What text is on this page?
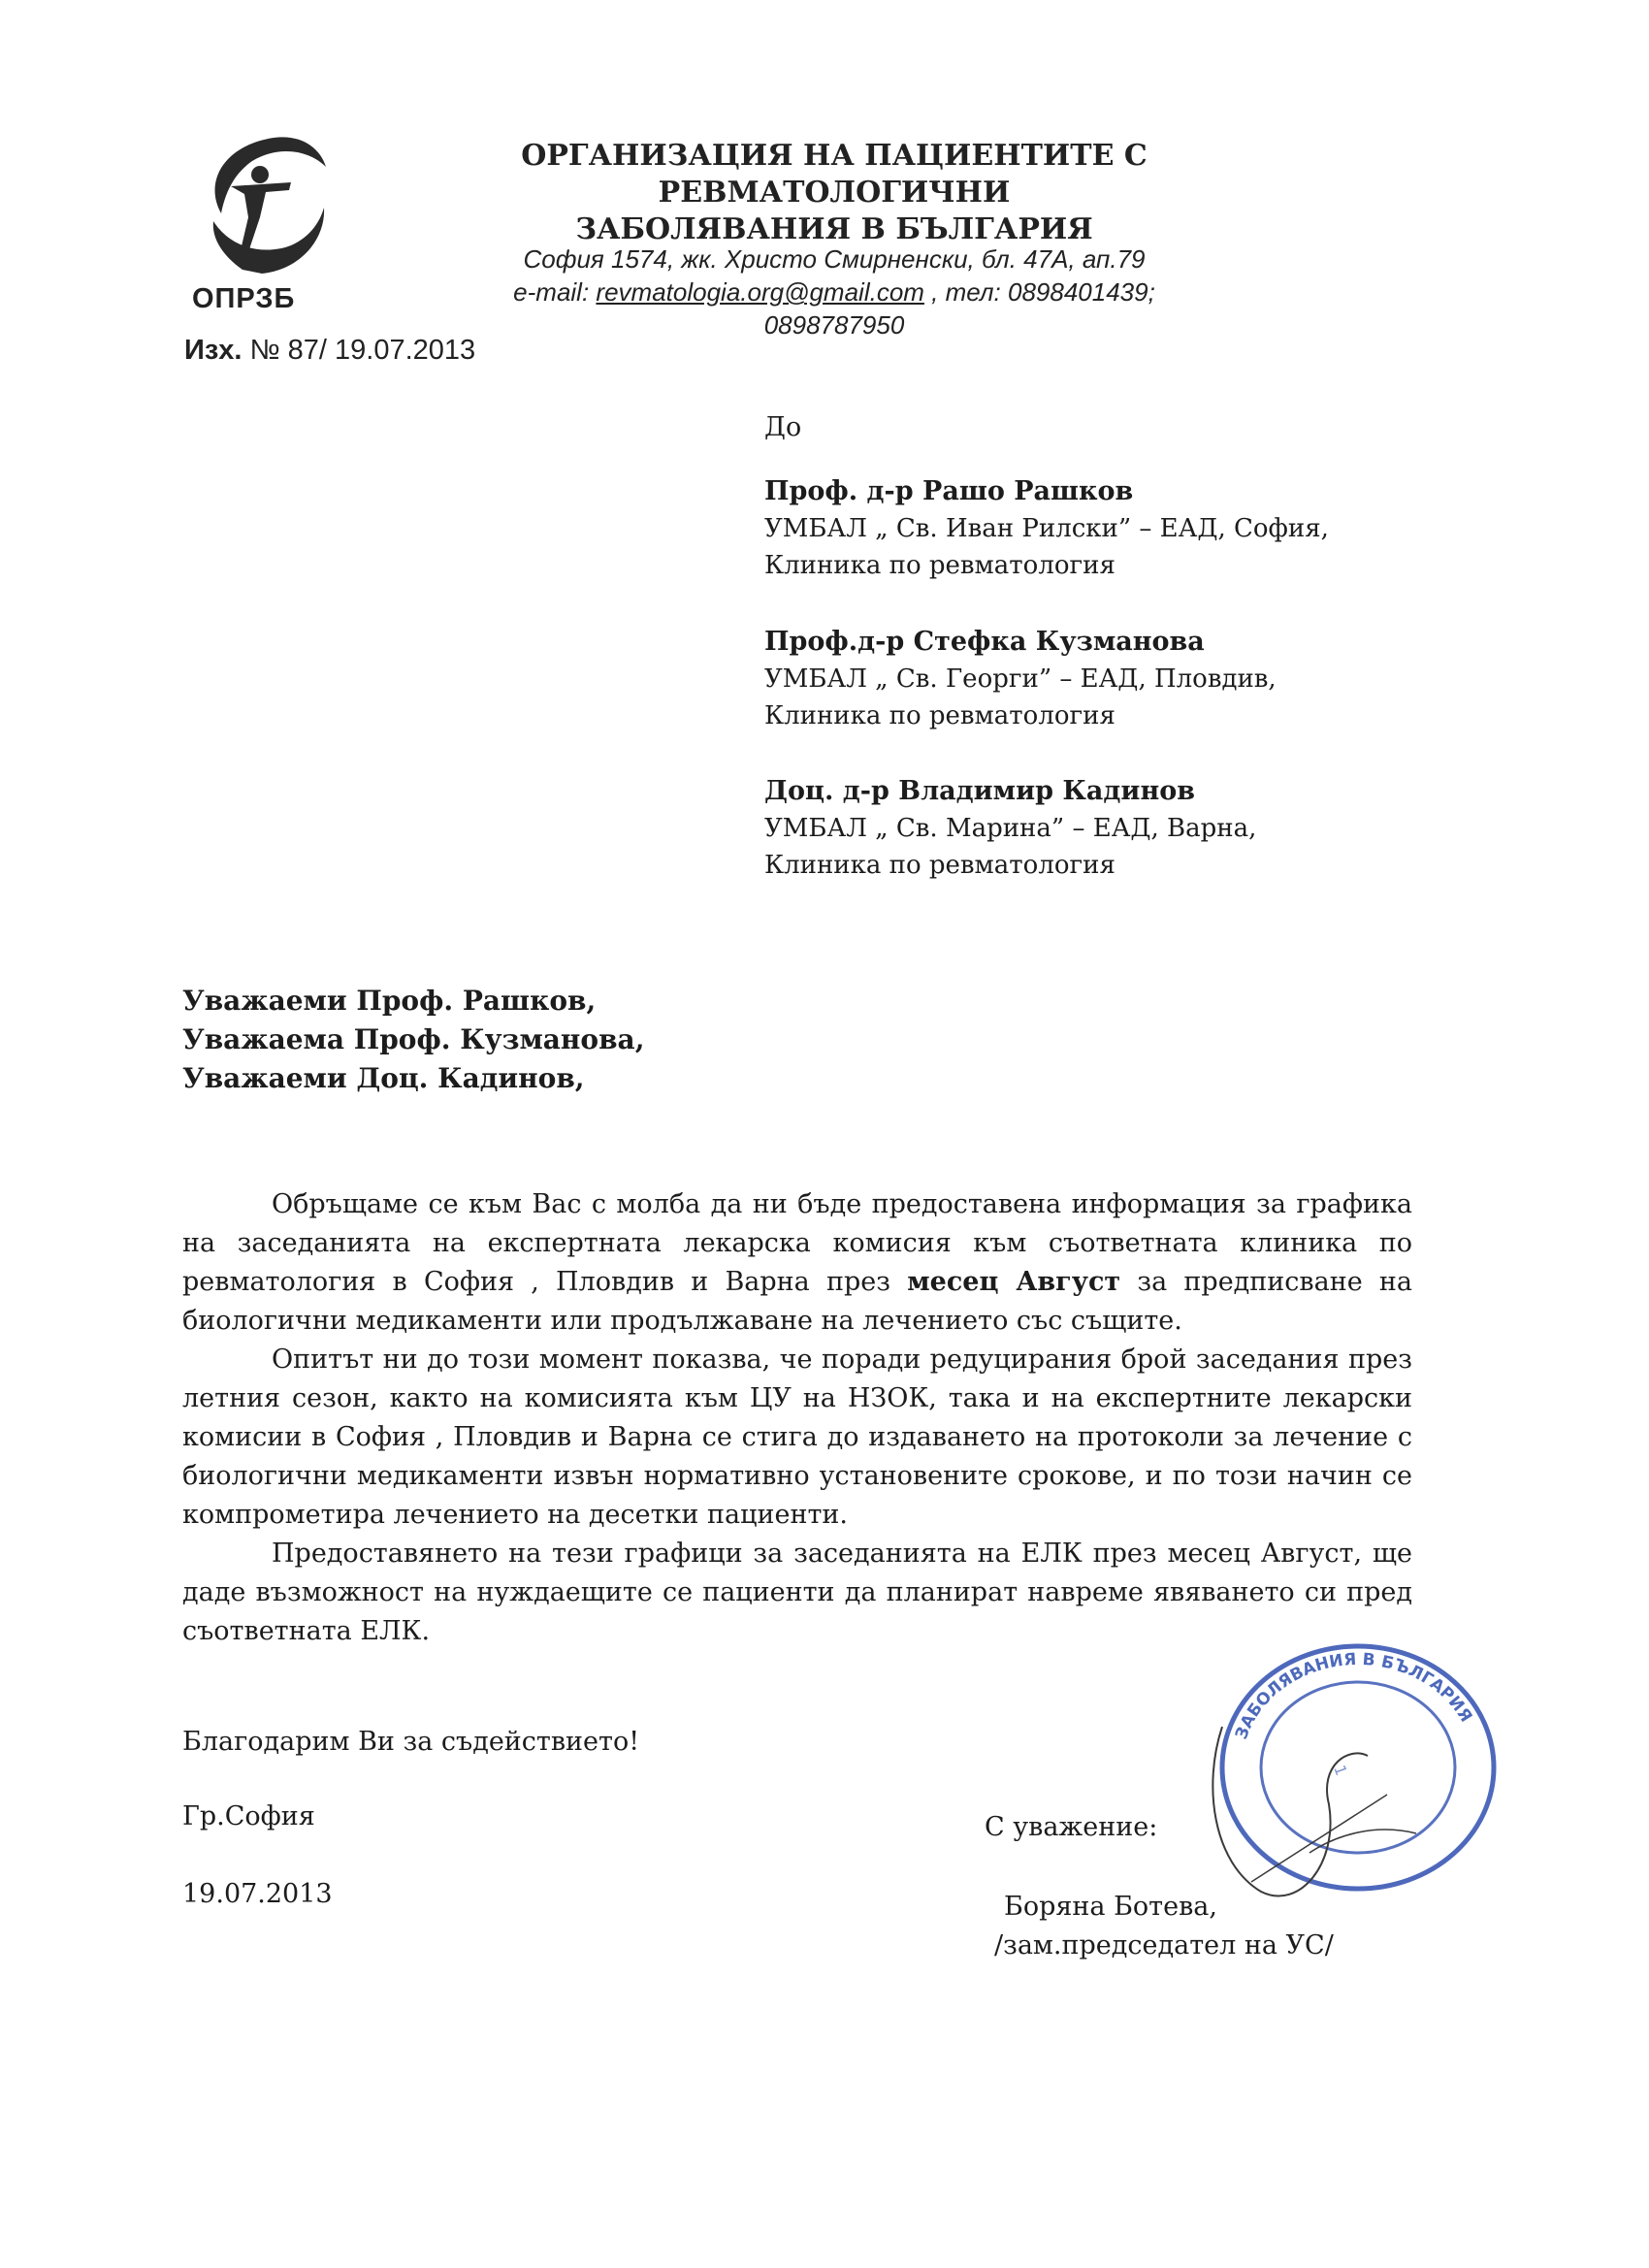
ОПРЗБ
ОРГАНИЗАЦИЯ НА ПАЦИЕНТИТЕ С РЕВМАТОЛОГИЧНИ
ЗАБОЛЯВАНИЯ В БЪЛГАРИЯ
София 1574, жк. Христо Смирненски, бл. 47А, ап.79
e-mail: revmatologia.org@gmail.com , тел: 0898401439; 0898787950
Изх. № 87/ 19.07.2013
До
Проф. д-р Рашо Рашков
УМБАЛ „ Св. Иван Рилски” – ЕАД, София,
Клиника по ревматология
Проф.д-р Стефка Кузманова
УМБАЛ „ Св. Георги” – ЕАД, Пловдив,
Клиника по ревматология
Доц. д-р Владимир Кадинов
УМБАЛ „ Св. Марина” – ЕАД, Варна,
Клиника по ревматология
Уважаеми Проф. Рашков,
Уважаема Проф. Кузманова,
Уважаеми Доц. Кадинов,

Обръщаме се към Вас с молба да ни бъде предоставена информация за графика на заседанията на експертната лекарска комисия към съответната клиника по ревматология в София , Пловдив и Варна през месец Август за предписване на биологични медикаменти или продължаване на лечението със същите.

Опитът ни до този момент показва, че поради редуцирания брой заседания през летния сезон, както на комисията към ЦУ на НЗОК, така и на експертните лекарски комисии в София , Пловдив и Варна се стига до издаването на протоколи за лечение с биологични медикаменти извън нормативно установените срокове, и по този начин се компрометира лечението на десетки пациенти.

Предоставянето на тези графици за заседанията на ЕЛК през месец Август, ще даде възможност на нуждаещите се пациенти да планират навреме явяването си пред съответната ЕЛК.

Благодарим Ви за съдействието!
Гр.София
19.07.2013
С уважение:
Боряна Ботева,
/зам.председател на УС/
ЗАБОЛЯВАНИЯ В БЪЛГАРИЯ
1
